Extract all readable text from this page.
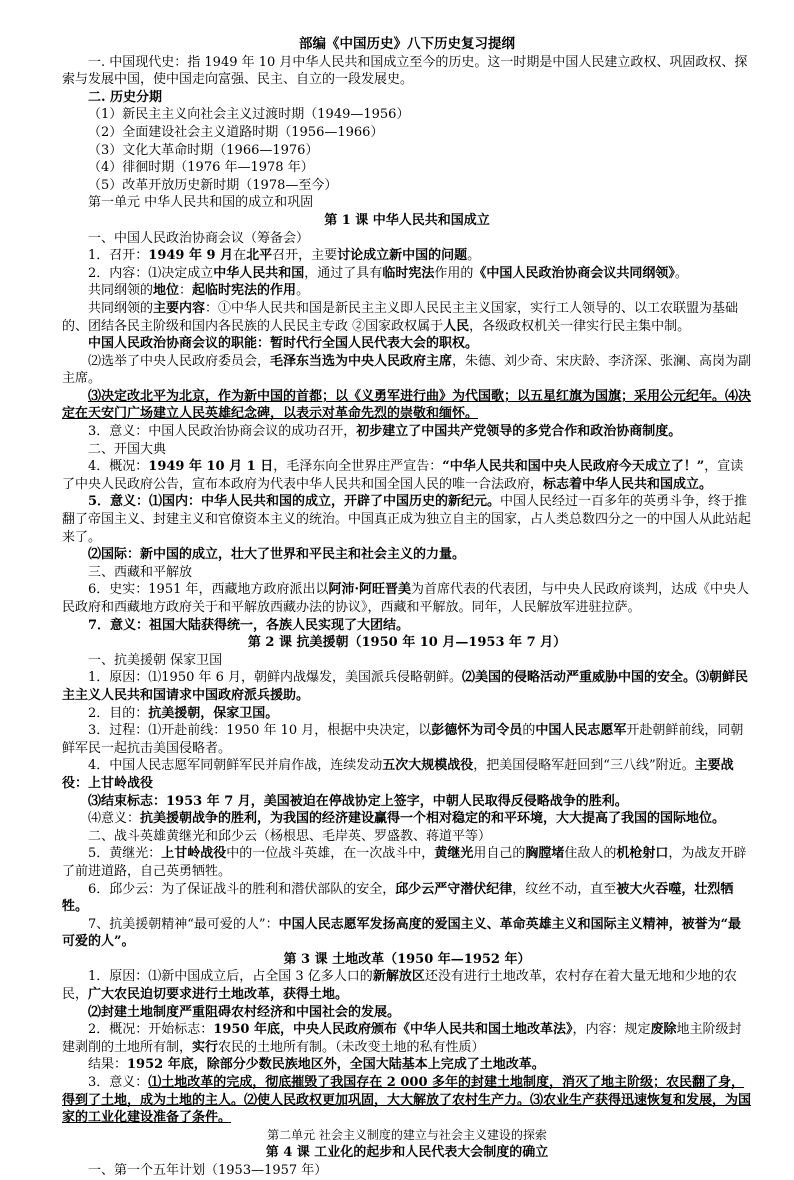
部编《中国历史》八下历史复习提纲
一. 中国现代史：指 1949 年 10 月中华人民共和国成立至今的历史。这一时期是中国人民建立政权、巩固政权、探索与发展中国，使中国走向富强、民主、自立的一段发展史。
二. 历史分期
（1）新民主主义向社会主义过渡时期（1949—1956）
（2）全面建设社会主义道路时期（1956—1966）
（3）文化大革命时期（1966—1976）
（4）徘徊时期（1976 年—1978 年）
（5）改革开放历史新时期（1978—至今）
第一单元 中华人民共和国的成立和巩固
第 1 课 中华人民共和国成立
一、中国人民政治协商会议（筹备会）
1．召开：1949 年 9 月在北平召开，主要讨论成立新中国的问题。
2．内容：⑴决定成立中华人民共和国，通过了具有临时宪法作用的《中国人民政治协商会议共同纲领》。
共同纲领的地位：起临时宪法的作用。
共同纲领的主要内容：①中华人民共和国是新民主主义即人民民主主义国家，实行工人领导的、以工农联盟为基础的、团结各民主阶级和国内各民族的人民民主专政 ②国家政权属于人民，各级政权机关一律实行民主集中制。
中国人民政治协商会议的职能：暂时代行全国人民代表大会的职权。
⑵选举了中央人民政府委员会，毛泽东当选为中央人民政府主席，朱德、刘少奇、宋庆龄、李济深、张澜、高岗为副主席。
⑶决定改北平为北京，作为新中国的首都；以《义勇军进行曲》为代国歌；以五星红旗为国旗；采用公元纪年。⑷决定在天安门广场建立人民英雄纪念碑，以表示对革命先烈的崇敬和缅怀。
3．意义：中国人民政治协商会议的成功召开，初步建立了中国共产党领导的多党合作和政治协商制度。
二、开国大典
4．概况：1949 年 10 月 1 日，毛泽东向全世界庄严宣告：“中华人民共和国中央人民政府今天成立了！”，宣读了中央人民政府公告，宣布本政府为代表中华人民共和国全国人民的唯一合法政府，标志着中华人民共和国成立。
5．意义：⑴国内：中华人民共和国的成立，开辟了中国历史的新纪元。中国人民经过一百多年的英勇斗争，终于推翻了帝国主义、封建主义和官僚资本主义的统治。中国真正成为独立自主的国家，占人类总数四分之一的中国人从此站起来了。
⑵国际：新中国的成立，壮大了世界和平民主和社会主义的力量。
三、西藏和平解放
6．史实：1951 年，西藏地方政府派出以阿沛·阿旺晋美为首席代表的代表团，与中央人民政府谈判，达成《中央人民政府和西藏地方政府关于和平解放西藏办法的协议》，西藏和平解放。同年，人民解放军进驻拉萨。
7．意义：祖国大陆获得统一，各族人民实现了大团结。
第 2 课 抗美援朝（1950 年 10 月—1953 年 7 月）
一、抗美援朝 保家卫国
1．原因：⑴1950 年 6 月，朝鲜内战爆发，美国派兵侵略朝鲜。⑵美国的侵略活动严重威胁中国的安全。⑶朝鲜民主主义人民共和国请求中国政府派兵援助。
2．目的：抗美援朝，保家卫国。
3．过程：⑴开赴前线：1950 年 10 月，根据中央决定，以彭德怀为司令员的中国人民志愿军开赴朝鲜前线，同朝鲜军民一起抗击美国侵略者。
4．中国人民志愿军同朝鲜军民并肩作战，连续发动五次大规模战役，把美国侵略军赶回到“三八线”附近。主要战役：上甘岭战役
⑶结束标志：1953 年 7 月，美国被迫在停战协定上签字，中朝人民取得反侵略战争的胜利。
⑷意义：抗美援朝战争的胜利，为我国的经济建设赢得一个相对稳定的和平环境，大大提高了我国的国际地位。
二、战斗英雄黄继光和邱少云（杨根思、毛岸英、罗盛教、蒋道平等）
5．黄继光：上甘岭战役中的一位战斗英雄，在一次战斗中，黄继光用自己的胸膛堵住敌人的机枪射口，为战友开辟了前进道路，自己英勇牺牲。
6．邱少云：为了保证战斗的胜利和潜伏部队的安全，邱少云严守潜伏纪律，纹丝不动，直至被大火吞噬，壮烈牺牲。
7、抗美援朝精神“最可爱的人”：中国人民志愿军发扬高度的爱国主义、革命英雄主义和国际主义精神，被誉为“最可爱的人”。
第 3 课 土地改革（1950 年—1952 年）
1．原因：⑴新中国成立后，占全国 3 亿多人口的新解放区还没有进行土地改革，农村存在着大量无地和少地的农民，广大农民迫切要求进行土地改革，获得土地。
⑵封建土地制度严重阻碍农村经济和中国社会的发展。
2．概况：开始标志：1950 年底，中央人民政府颁布《中华人民共和国土地改革法》，内容：规定废除地主阶级封建剥削的土地所有制，实行农民的土地所有制。（未改变土地的私有性质）
结果：1952 年底，除部分少数民族地区外，全国大陆基本上完成了土地改革。
3．意义：⑴土地改革的完成，彻底摧毁了我国存在 2 000 多年的封建土地制度，消灭了地主阶级；农民翻了身，得到了土地，成为土地的主人。⑵使人民政权更加巩固，大大解放了农村生产力。⑶农业生产获得迅速恢复和发展，为国家的工业化建设准备了条件。
第二单元 社会主义制度的建立与社会主义建设的探索
第 4 课 工业化的起步和人民代表大会制度的确立
一、第一个五年计划（1953—1957 年）
